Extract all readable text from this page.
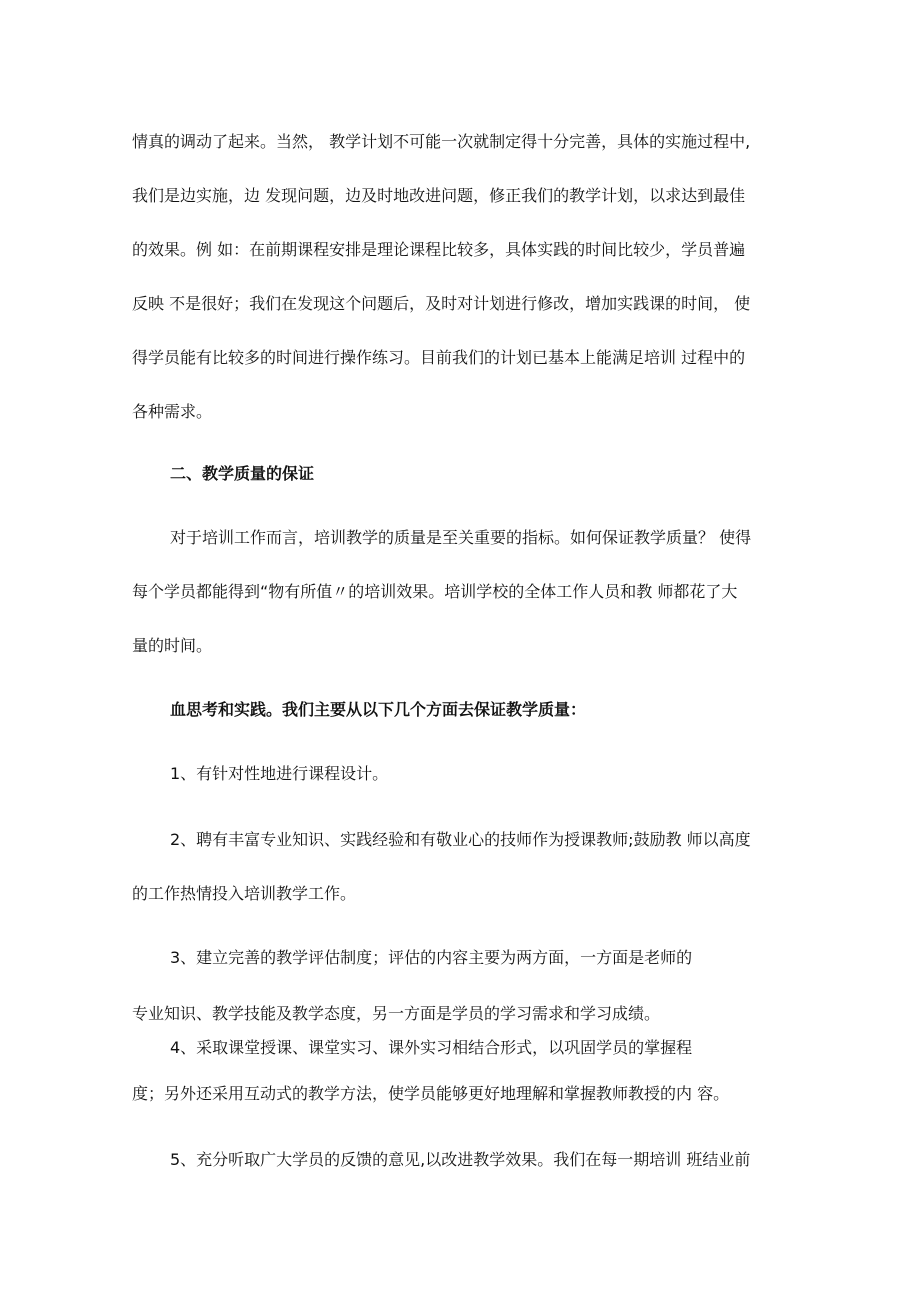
情真的调动了起来。当然， 教学计划不可能一次就制定得十分完善，具体的实施过程中,
我们是边实施，边 发现问题，边及时地改进问题，修正我们的教学计划，以求达到最佳
的效果。例 如：在前期课程安排是理论课程比较多，具体实践的时间比较少，学员普遍
反映 不是很好；我们在发现这个问题后，及时对计划进行修改，增加实践课的时间， 使
得学员能有比较多的时间进行操作练习。目前我们的计划已基本上能满足培训 过程中的
各种需求。
二、教学质量的保证
对于培训工作而言，培训教学的质量是至关重要的指标。如何保证教学质量？ 使得
每个学员都能得到“物有所值〃的培训效果。培训学校的全体工作人员和教 师都花了大
量的时间。
血思考和实践。我们主要从以下几个方面去保证教学质量：
1、有针对性地进行课程设计。
2、聘有丰富专业知识、实践经验和有敬业心的技师作为授课教师;鼓励教 师以高度
的工作热情投入培训教学工作。
3、建立完善的教学评估制度；评估的内容主要为两方面，一方面是老师的
专业知识、教学技能及教学态度，另一方面是学员的学习需求和学习成绩。
4、采取课堂授课、课堂实习、课外实习相结合形式，以巩固学员的掌握程
度；另外还采用互动式的教学方法，使学员能够更好地理解和掌握教师教授的内 容。
5、充分听取广大学员的反馈的意见,以改进教学效果。我们在每一期培训 班结业前
